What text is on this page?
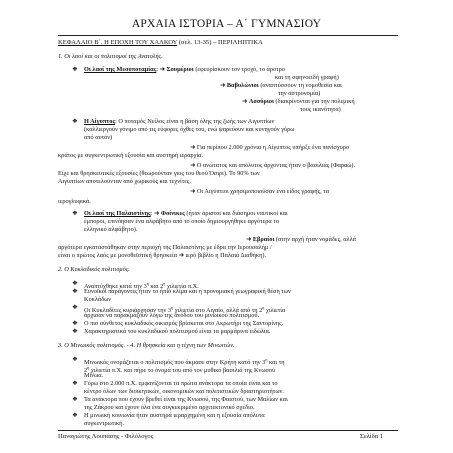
ΑΡΧΑΙΑ ΙΣΤΟΡΙΑ – Α΄ ΓΥΜΝΑΣΙΟΥ
ΚΕΦΑΛΑΙΟ Β΄. Η ΕΠΟΧΗ ΤΟΥ ΧΑΛΚΟΥ (σελ. 13-35) – ΠΕΡΙΛΗΠΤΙΚΑ
1. Οι λαοί και οι πολιτισμοί της Ανατολής.
❖ Οι λαοί της Μεσοποταμίας: ➜ Σουμέριοι (εφευρίσκουν τον τροχό, το άροτρο
και τη σφηνοειδή γραφή)
➜ Βαβυλώνιοι (αναπτύσσουν τη νομοθεσία και
την αστρονομία)
➜ Ασσύριοι (διακρίνονται για την πολεμική
τους ικανότητα)
❖ Η Αίγυπτος: Ο ποταμός Νείλος είναι η βάση όλης της ζωής των Αιγυπτίων
(καλλιεργούν γόνιμο από τις εύφορες όχθες του, ενώ ψαρεύουν και κυνηγούν γύρω
από αυτόν)
➜ Για περίπου 2.000 χρόνια η Αίγυπτος υπήρξε ένα πανίσχυρο
κράτος με συγκεντρωτική εξουσία και αυστηρή ιεραρχία.
➜ Ο ανώτατος και απόλυτος άρχοντας ήταν ο βασιλιάς (Φαραώ).
Είχε και θρησκευτικές εξουσίες (θεωρούνταν γιος του θεού Όσιρι). Το 90% των
Αιγυπτίων αποτελούνταν από χωρικούς και τεχνίτες.
➜ Οι Αιγύπτιοι χρησιμοποιούσαν ένα είδος γραφής, τα
ιερογλυφικά.
❖ Οι λαοί της Παλαιστίνης: ➜ Φοίνικες (ήταν άριστοι και διάσημοι ναυτικοί και
έμποροι, επινόησαν ένα αλφάβητο από το οποίο δημιουργήθηκε αργότερα το
ελληνικό αλφάβητο).
➜ Εβραίοι (στην αρχή ήταν νομάδες, αλλά
αργότερα εγκαταστάθηκαν στην περιοχή της Παλαιστίνης με έδρα την Ιερουσαλήμ /
είναι ο πρώτος λαός με μονοθεϊστική θρησκεία ➜ ιερό βιβλίο η Παλαιά Διαθήκη).
2. Ο Κυκλαδικός πολιτισμός.
❖ Αναπτύχθηκε κατά την $3^\eta$ και $2^\eta$ χιλιετία π.Χ.
❖ Ευνοϊκοί παράγοντες ήταν το ήπιο κλίμα και η προνομιακή γεωγραφική θέση των
Κυκλάδων
❖ Οι Κυκλαδίτες κυριάρχησαν την $3^\eta$ χιλιετία στο Αιγαίο, αλλά από τη $2^\eta$ χιλιετία
άρχισαν να παρακμάζουν λόγω της ανόδου του μινωικού πολιτισμού.
❖ Ο πιο σύνθετος κυκλαδικός οικισμός βρίσκεται στο Ακρωτήρι της Σαντορίνης.
❖ Χαρακτηριστικά του κυκλαδικού πολιτισμού είναι τα μαρμάρινα ειδώλια.
3. Ο Μινωικός πολιτισμός. - 4. Η θρησκεία και η τέχνη των Μινωιτών.
❖ Μινωικός ονομάζεται ο πολιτισμός που άκμασε στην Κρήτη κατά την $3^\eta$ και τη
$2^\eta$ χιλιετία π.Χ. και πήρε το όνομά του από τον μυθικό βασιλιά της Κνωσού
Μίνωα.
❖ Γύρω στο 2.000 π.Χ. εμφανίζονται τα πρώτα ανάκτορα τα οποία είναι και το
κέντρο όλων των διοικητικών, οικονομικών και πολιτιστικών δραστηριοτήτων.
❖ Τα ανάκτορα που έχουν βρεθεί είναι της Κνωσού, της Φαιστού, των Μαλίων και
της Ζάκρου και έχουν όλα ένα συγκεκριμένο αρχιτεκτονικό σχέδιο.
❖ Η μινωική κοινωνία ήταν αυστηρά ιεραρχημένη και η εξουσία απόλυτα
συγκεντρωτική.
Παναγιώτης Λουπάσης - Φιλόλογος	Σελίδα 1
